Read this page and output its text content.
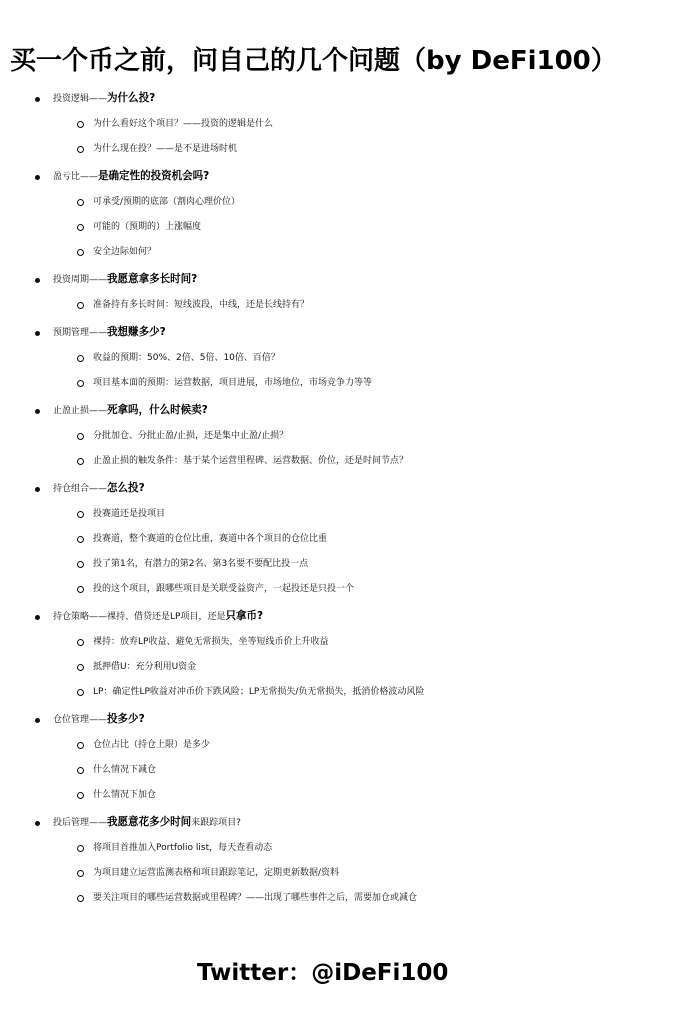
买一个币之前，问自己的几个问题（by DeFi100）
投资逻辑——为什么投?
为什么看好这个项目？——投资的逻辑是什么
为什么现在投？——是不是进场时机
盈亏比——是确定性的投资机会吗?
可承受/预期的底部（割肉心理价位）
可能的（预期的）上涨幅度
安全边际如何？
投资周期——我愿意拿多长时间?
准备持有多长时间：短线波段，中线，还是长线持有？
预期管理——我想赚多少?
收益的预期：50%、2倍、5倍、10倍、百倍？
项目基本面的预期：运营数据，项目进展，市场地位，市场竞争力等等
止盈止损——死拿吗，什么时候卖?
分批加仓、分批止盈/止损，还是集中止盈/止损？
止盈止损的触发条件：基于某个运营里程碑、运营数据、价位，还是时间节点？
持仓组合——怎么投?
投赛道还是投项目
投赛道，整个赛道的仓位比重，赛道中各个项目的仓位比重
投了第1名，有潜力的第2名、第3名要不要配比投一点
投的这个项目，跟哪些项目是关联受益资产，一起投还是只投一个
持仓策略——裸持、借贷还是LP项目，还是只拿币?
裸持：放弃LP收益、避免无常损失，坐等短线币价上升收益
抵押借U：充分利用U资金
LP：确定性LP收益对冲币价下跌风险；LP无常损失/负无常损失，抵消价格波动风险
仓位管理——投多少?
仓位占比（持仓上限）是多少
什么情况下减仓
什么情况下加仓
投后管理——我愿意花多少时间来跟踪项目?
将项目首推加入Portfolio list，每天查看动态
为项目建立运营监测表格和项目跟踪笔记，定期更新数据/资料
要关注项目的哪些运营数据或里程碑？——出现了哪些事件之后，需要加仓或减仓
Twitter：@iDeFi100
